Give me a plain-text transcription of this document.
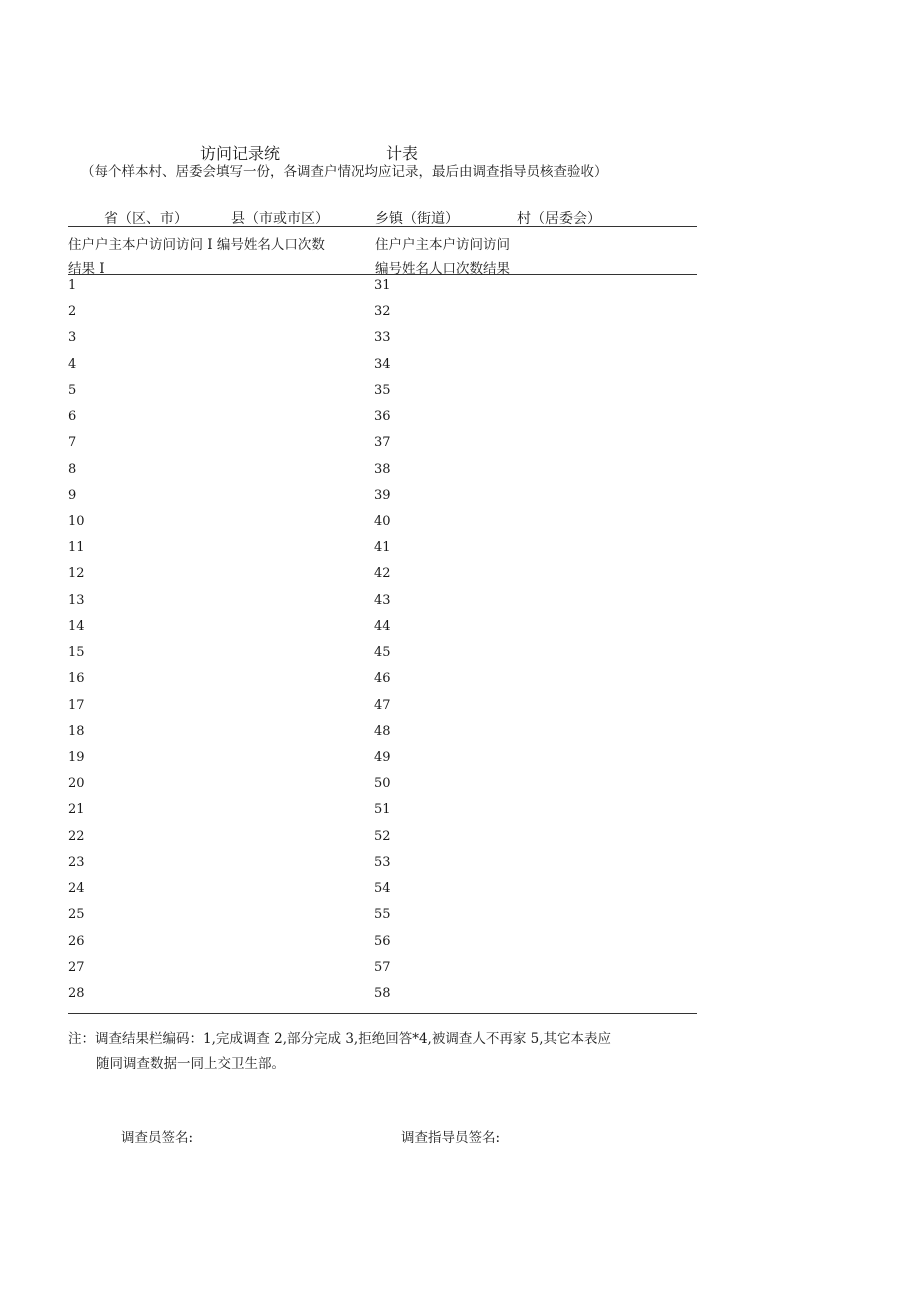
访问记录统	计表
（每个样本村、居委会填写一份，各调查户情况均应记录，最后由调查指导员核查验收）
省（区、市）	县（市或市区）	乡镇（街道）	村（居委会）
住户户主本户访问访问 I 编号姓名人口次数
结果 I
住户户主本户访问访问
编号姓名人口次数结果
1	31
2	32
3	33
4	34
5	35
6	36
7	37
8	38
9	39
10	40
11	41
12	42
13	43
14	44
15	45
16	46
17	47
18	48
19	49
20	50
21	51
22	52
23	53
24	54
25	55
26	56
27	57
28	58
注：调查结果栏编码：1,完成调查 2,部分完成 3,拒绝回答*4,被调查人不再家 5,其它本表应
随同调查数据一同上交卫生部。
调查员签名:	调查指导员签名:
